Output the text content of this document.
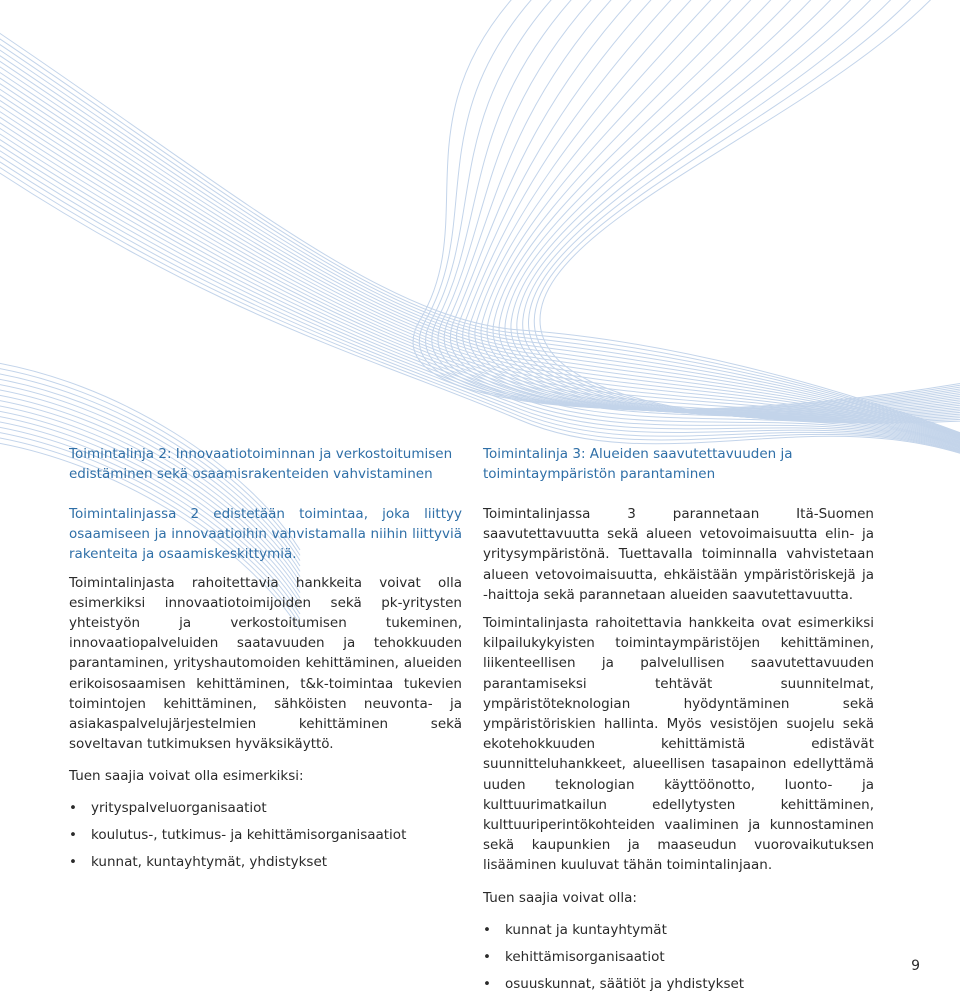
Toimintalinja 2: Innovaatiotoiminnan ja verkostoitumisen edistäminen sekä osaamisrakenteiden vahvistaminen

Toimintalinjassa 2 edistetään toimintaa, joka liittyy osaamiseen ja innovaatioihin vahvistamalla niihin liittyviä rakenteita ja osaamiskeskittymiä.

Toimintalinjasta rahoitettavia hankkeita voivat olla esimerkiksi innovaatiotoimijoiden sekä pk-yritysten yhteistyön ja verkostoitumisen tukeminen, innovaatiopalveluiden saatavuuden ja tehokkuuden parantaminen, yrityshautomoiden kehittäminen, alueiden erikoisosaamisen kehittäminen, t&k-toimintaa tukevien toimintojen kehittäminen, sähköisten neuvonta- ja asiakaspalvelujärjestelmien kehittäminen sekä soveltavan tutkimuksen hyväksikäyttö.

Tuen saajia voivat olla esimerkiksi:

• yrityspalveluorganisaatiot
• koulutus-, tutkimus- ja kehittämisorganisaatiot
• kunnat, kuntayhtymät, yhdistykset
Toimintalinja 3: Alueiden saavutettavuuden ja toimintaympäristön parantaminen

Toimintalinjassa 3 parannetaan Itä-Suomen saavutettavuutta sekä alueen vetovoimaisuutta elin- ja yritysympäristönä. Tuettavalla toiminnalla vahvistetaan alueen vetovoimaisuutta, ehkäistään ympäristöriskejä ja -haittoja sekä parannetaan alueiden saavutettavuutta.

Toimintalinjasta rahoitettavia hankkeita ovat esimerkiksi kilpailukykyisten toimintaympäristöjen kehittäminen, liikenteellisen ja palvelullisen saavutettavuuden parantamiseksi tehtävät suunnitelmat, ympäristöteknologian hyödyntäminen sekä ympäristöriskien hallinta. Myös vesistöjen suojelu sekä ekotehokkuuden kehittämistä edistävät suunnitteluhankkeet, alueellisen tasapainon edellyttämä uuden teknologian käyttöönotto, luonto- ja kulttuurimatkailun edellytysten kehittäminen, kulttuuriperintökohteiden vaaliminen ja kunnostaminen sekä kaupunkien ja maaseudun vuorovaikutuksen lisääminen kuuluvat tähän toimintalinjaan.

Tuen saajia voivat olla:

• kunnat ja kuntayhtymät
• kehittämisorganisaatiot
• osuuskunnat, säätiöt ja yhdistykset
9
